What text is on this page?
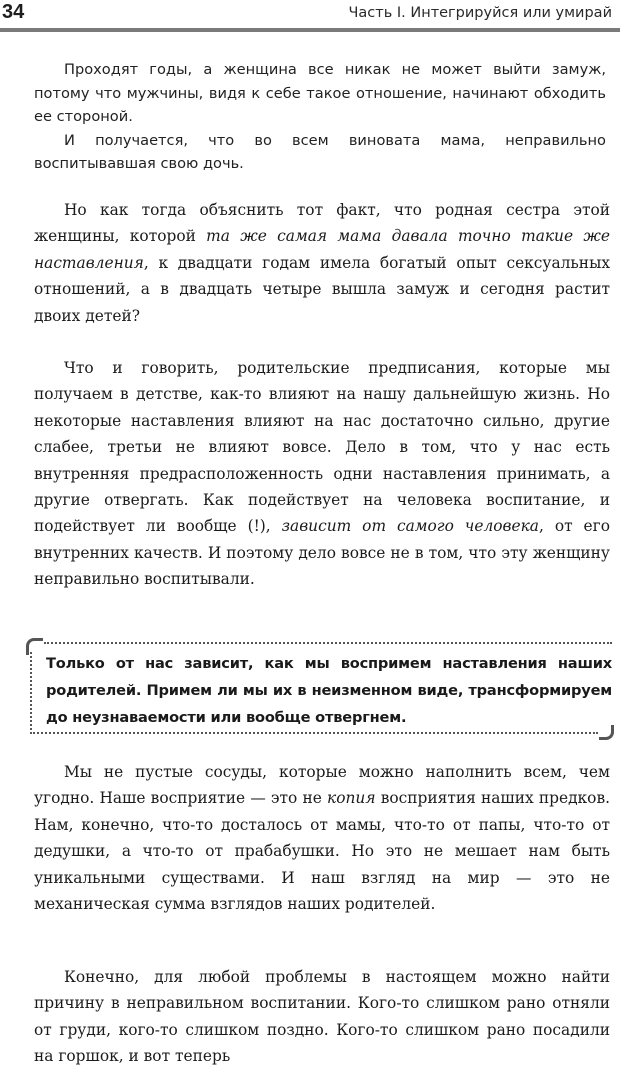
34	Часть I. Интегрируйся или умирай

Проходят годы, а женщина все никак не может выйти замуж, потому что мужчины, видя к себе такое отношение, начинают обходить ее стороной.

И получается, что во всем виновата мама, неправильно воспитывавшая свою дочь.

Но как тогда объяснить тот факт, что родная сестра этой женщины, которой та же самая мама давала точно такие же наставления, к двадцати годам имела богатый опыт сексуальных отношений, а в двадцать четыре вышла замуж и сегодня растит двоих детей?

Что и говорить, родительские предписания, которые мы получаем в детстве, как-то влияют на нашу дальнейшую жизнь. Но некоторые наставления влияют на нас достаточно сильно, другие слабее, третьи не влияют вовсе. Дело в том, что у нас есть внутренняя предрасположенность одни наставления принимать, а другие отвергать. Как подействует на человека воспитание, и подействует ли вообще (!), зависит от самого человека, от его внутренних качеств. И поэтому дело вовсе не в том, что эту женщину неправильно воспитывали.

Только от нас зависит, как мы воспримем наставления наших родителей. Примем ли мы их в неизменном виде, трансформируем до неузнаваемости или вообще отвергнем.

Мы не пустые сосуды, которые можно наполнить всем, чем угодно. Наше восприятие — это не копия восприятия наших предков. Нам, конечно, что-то досталось от мамы, что-то от папы, что-то от дедушки, а что-то от прабабушки. Но это не мешает нам быть уникальными существами. И наш взгляд на мир — это не механическая сумма взглядов наших родителей.

Конечно, для любой проблемы в настоящем можно найти причину в неправильном воспитании. Кого-то слишком рано отняли от груди, кого-то слишком поздно. Кого-то слишком рано посадили на горшок, и вот теперь
